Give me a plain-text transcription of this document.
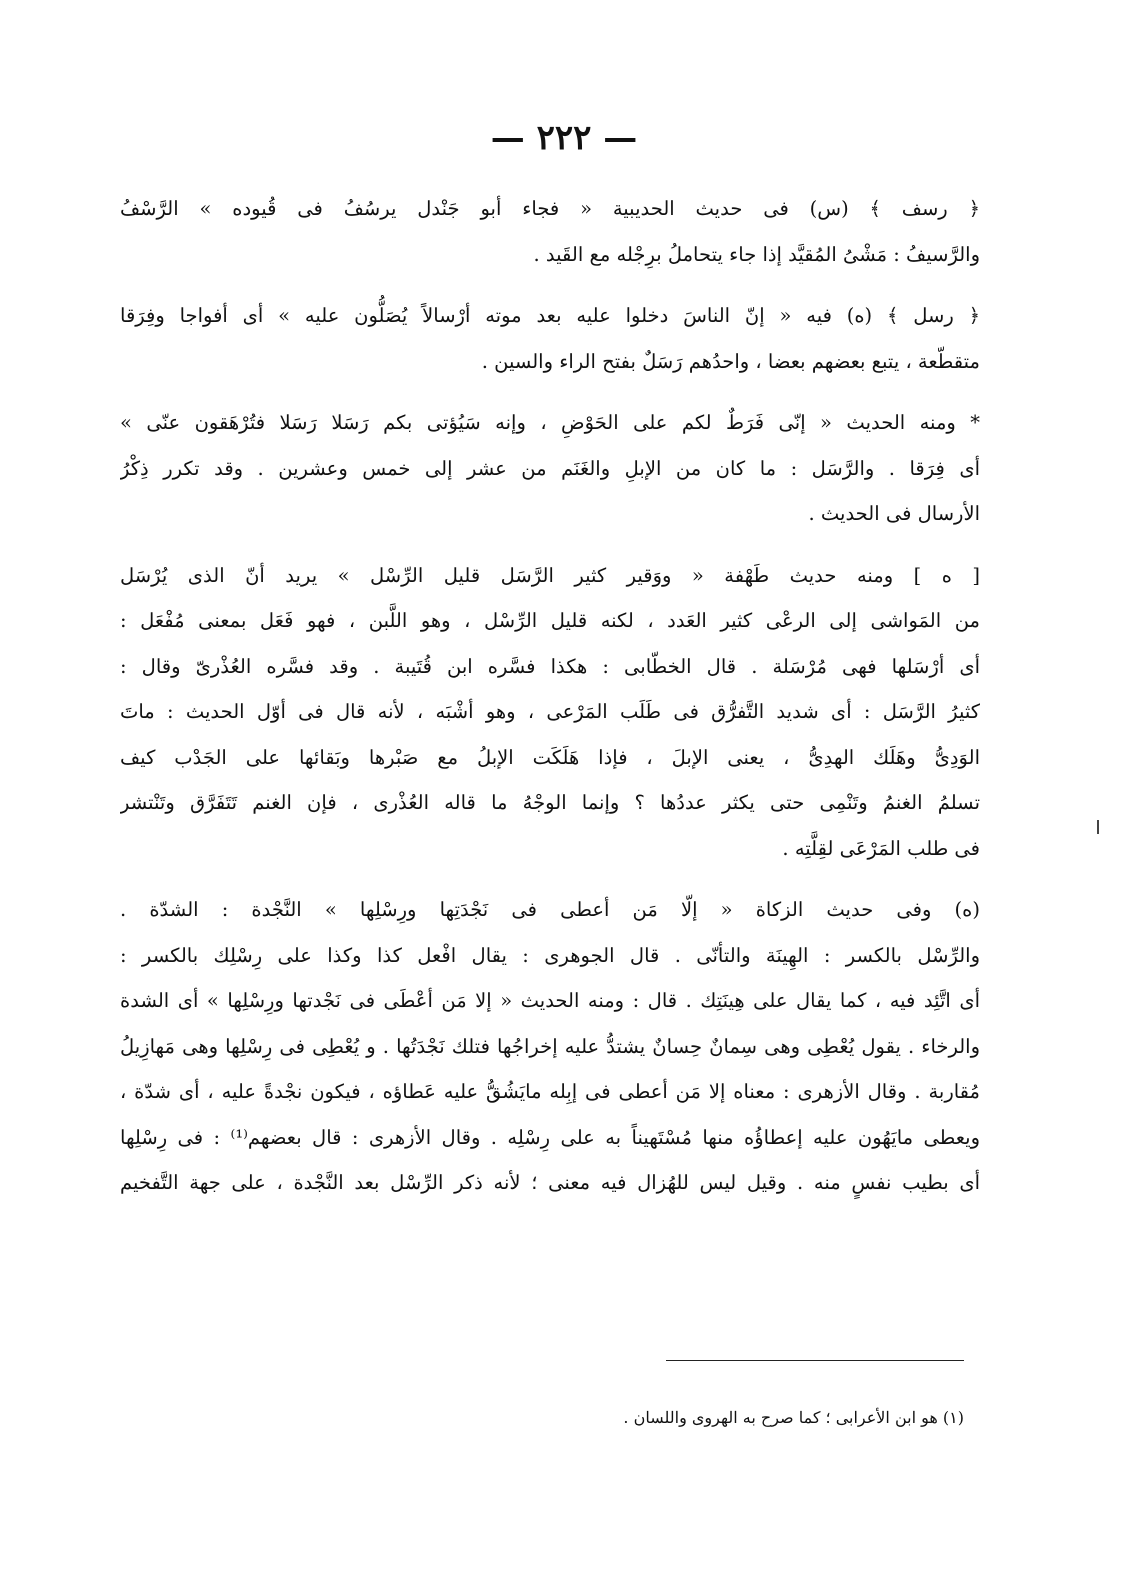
— ٢٢٢ —
﴿ رسف ﴾ (س) فى حديث الحديبية « فجاء أبو جَنْدل يرسُفُ فى قُيوده » الرَّسْفُ
والرَّسيفُ : مَشْىُ المُقيَّد إذا جاء يتحاملُ برِجْله مع القَيد .
﴿ رسل ﴾ (ه) فيه « إنّ الناسَ دخلوا عليه بعد موته أرْسالاً يُصَلُّون عليه » أى أفواجا وفِرَقا
متقطّعة ، يتبع بعضهم بعضا ، واحدُهم رَسَلٌ بفتح الراء والسين .
* ومنه الحديث « إنّى فَرَطٌ لكم على الحَوْضِ ، وإنه سَيُؤتى بكم رَسَلا رَسَلا فتُرْهَقون عنّى »
أى فِرَقا . والرَّسَل : ما كان من الإبلِ والغَنَم من عشر إلى خمس وعشرين . وقد تكرر ذِكْرُ
الأرسال فى الحديث .
[ ه ] ومنه حديث طَهْفة « ووَقير كثير الرَّسَل قليل الرِّسْل » يريد أنّ الذى يُرْسَل
من المَواشى إلى الرعْى كثير العَدد ، لكنه قليل الرِّسْل ، وهو اللَّبن ، فهو فَعَل بمعنى مُفْعَل :
أى أرْسَلها فهى مُرْسَلة . قال الخطّابى : هكذا فسَّره ابن قُتَيبة . وقد فسَّره العُذْرىّ وقال :
كثيرُ الرَّسَل : أى شديد التَّفرُّق فى طَلَب المَرْعى ، وهو أشْبَه ، لأنه قال فى أوّل الحديث : ماتَ
الوَدِىُّ وهَلَك الهدِىُّ ، يعنى الإبلَ ، فإذا هَلَكَت الإبلُ مع صَبْرها وبَقائها على الجَدْب كيف
تسلمُ الغنمُ وتَنْمِى حتى يكثر عددُها ؟ وإنما الوجْهُ ما قاله العُذْرى ، فإن الغنم تَتَفَرَّق وتَنْتشر
فى طلب المَرْعَى لقِلَّتِه .
(ه) وفى حديث الزكاة « إلّا مَن أعطى فى نَجْدَتِها ورِسْلِها » النَّجْدة : الشدّة .
والرِّسْل بالكسر : الهِينَة والتأنّى . قال الجوهرى : يقال افْعل كذا وكذا على رِسْلِك بالكسر :
أى اتَّئِد فيه ، كما يقال على هِينَتِك . قال : ومنه الحديث « إلا مَن أعْطَى فى نَجْدتها ورِسْلِها » أى الشدة
والرخاء . يقول يُعْطِى وهى سِمانٌ حِسانٌ يشتدُّ عليه إخراجُها فتلك نَجْدَتُها . و يُعْطِى فى رِسْلِها وهى مَهازِيلُ
مُقاربة . وقال الأزهرى : معناه إلا مَن أعطى فى إبِله مايَشُقُّ عليه عَطاؤه ، فيكون نجْدةً عليه ، أى شدّة ،
ويعطى مايَهُون عليه إعطاؤُه منها مُسْتَهيناً به على رِسْلِه . وقال الأزهرى : قال بعضهم⁽¹⁾ : فى رِسْلِها
أى بطيب نفسٍ منه . وقيل ليس للهُزال فيه معنى ؛ لأنه ذكر الرِّسْل بعد النَّجْدة ، على جهة التَّفخيم
(١) هو ابن الأعرابى ؛ كما صرح به الهروى واللسان .
